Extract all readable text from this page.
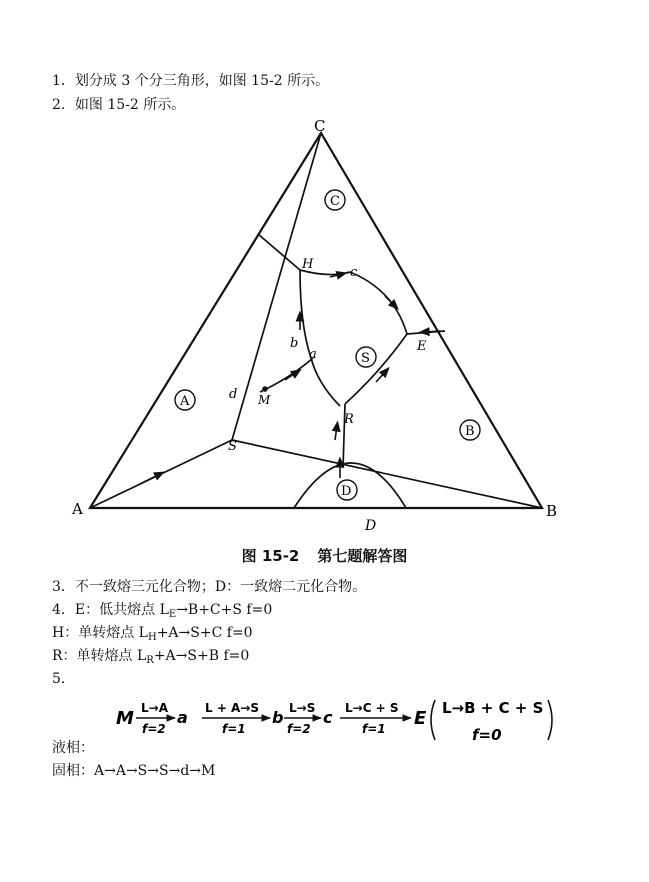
1．划分成 3 个分三角形，如图 15-2 所示。
2．如图 15-2 所示。
C
A	B
C
A
B
S
D
H
c
b
a
d M
E
R
S
D
图 15-2 第七题解答图
3．不一致熔三元化合物；D：一致熔二元化合物。
4．E：低共熔点 $L_E\to B+C+S$ f=0
H：单转熔点 $L_H+A\to S+C$ f=0
R：单转熔点 $L_R+A\to S+B$ f=0
5．
M L→A
f=2
a L + A→S
f=1
b L→S
f=2
c L→C + S
f=1 E L→B + C + S
f=0
液相：
固相：A→A→S→S→d→M
